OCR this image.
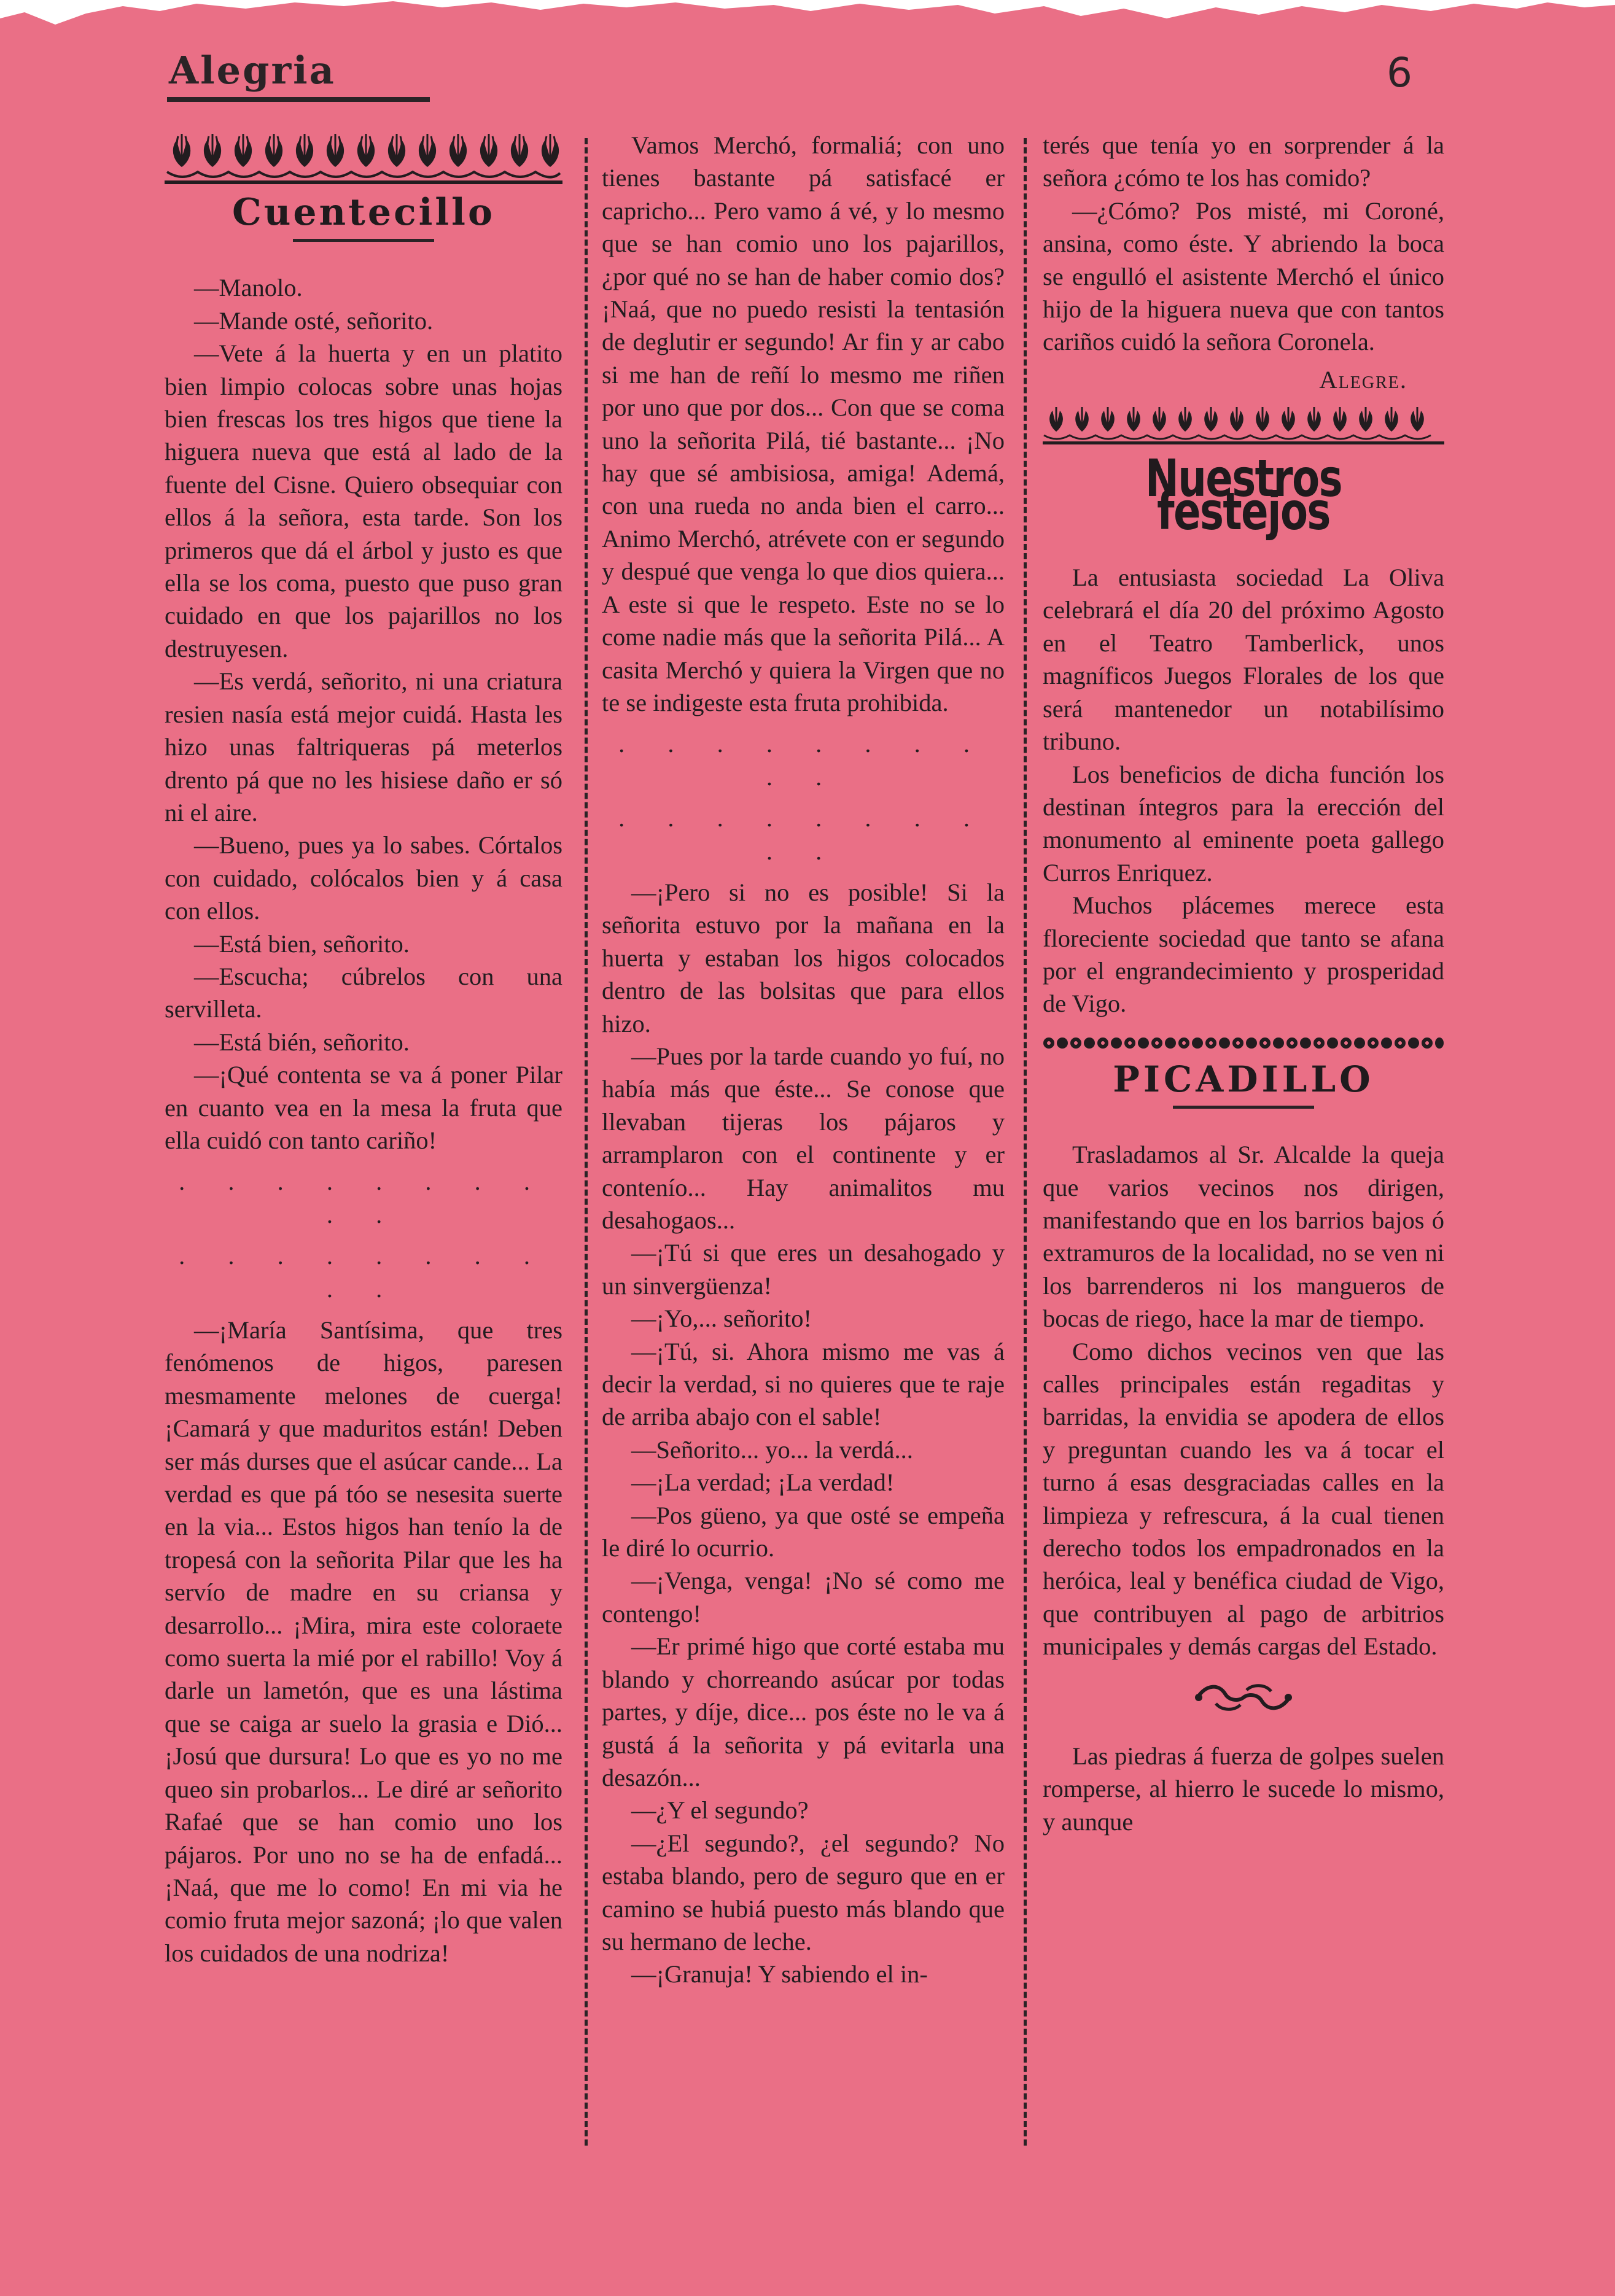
Alegria	6
Cuentecillo

—Manolo.

—Mande osté, señorito.

—Vete á la huerta y en un platito bien limpio colocas sobre unas hojas bien frescas los tres higos que tiene la higuera nueva que está al lado de la fuente del Cisne. Quiero obsequiar con ellos á la señora, esta tarde. Son los primeros que dá el árbol y justo es que ella se los coma, puesto que puso gran cuidado en que los pajarillos no los destruyesen.

—Es verdá, señorito, ni una criatura resien nasía está mejor cuidá. Hasta les hizo unas faltriqueras pá meterlos drento pá que no les hisiese daño er só ni el aire.

—Bueno, pues ya lo sabes. Córtalos con cuidado, colócalos bien y á casa con ellos.

—Está bien, señorito.

—Escucha; cúbrelos con una servilleta.

—Está bién, señorito.

—¡Qué contenta se va á poner Pilar en cuanto vea en la mesa la fruta que ella cuidó con tanto cariño!

. . . . . . . . . .
. . . . . . . . . .

—¡María Santísima, que tres fenómenos de higos, paresen mesmamente melones de cuerga! ¡Camará y que maduritos están! Deben ser más durses que el asúcar cande... La verdad es que pá tóo se nesesita suerte en la via... Estos higos han tenío la de tropesá con la señorita Pilar que les ha servío de madre en su criansa y desarrollo... ¡Mira, mira este coloraete como suerta la mié por el rabillo! Voy á darle un lametón, que es una lástima que se caiga ar suelo la grasia e Dió... ¡Josú que dursura! Lo que es yo no me queo sin probarlos... Le diré ar señorito Rafaé que se han comio uno los pájaros. Por uno no se ha de enfadá... ¡Naá, que me lo como! En mi via he comio fruta mejor sazoná; ¡lo que valen los cuidados de una nodriza!

Vamos Merchó, formaliá; con uno tienes bastante pá satisfacé er capricho... Pero vamo á vé, y lo mesmo que se han comio uno los pajarillos, ¿por qué no se han de haber comio dos? ¡Naá, que no puedo resisti la tentasión de deglutir er segundo! Ar fin y ar cabo si me han de reñí lo mesmo me riñen por uno que por dos... Con que se coma uno la señorita Pilá, tié bastante... ¡No hay que sé ambisiosa, amiga! Ademá, con una rueda no anda bien el carro... Animo Merchó, atrévete con er segundo y despué que venga lo que dios quiera... A este si que le respeto. Este no se lo come nadie más que la señorita Pilá... A casita Merchó y quiera la Virgen que no te se indigeste esta fruta prohibida.

. . . . . . . . . .
. . . . . . . . . .

—¡Pero si no es posible! Si la señorita estuvo por la mañana en la huerta y estaban los higos colocados dentro de las bolsitas que para ellos hizo.

—Pues por la tarde cuando yo fuí, no había más que éste... Se conose que llevaban tijeras los pájaros y arramplaron con el continente y er contenío... Hay animalitos mu desahogaos...

—¡Tú si que eres un desahogado y un sinvergüenza!

—¡Yo,... señorito!

—¡Tú, si. Ahora mismo me vas á decir la verdad, si no quieres que te raje de arriba abajo con el sable!

—Señorito... yo... la verdá...

—¡La verdad; ¡La verdad!

—Pos güeno, ya que osté se empeña le diré lo ocurrio.

—¡Venga, venga! ¡No sé como me contengo!

—Er primé higo que corté estaba mu blando y chorreando asúcar por todas partes, y díje, dice... pos éste no le va á gustá á la señorita y pá evitarla una desazón...

—¿Y el segundo?

—¿El segundo?, ¿el segundo? No estaba blando, pero de seguro que en er camino se hubiá puesto más blando que su hermano de leche.

—¡Granuja! Y sabiendo el in-

terés que tenía yo en sorprender á la señora ¿cómo te los has comido?

—¿Cómo? Pos misté, mi Coroné, ansina, como éste. Y abriendo la boca se engulló el asistente Merchó el único hijo de la higuera nueva que con tantos cariños cuidó la señora Coronela.

Alegre.
Nuestros festejos

La entusiasta sociedad La Oliva celebrará el día 20 del próximo Agosto en el Teatro Tamberlick, unos magníficos Juegos Florales de los que será mantenedor un notabilísimo tribuno.

Los beneficios de dicha función los destinan íntegros para la erección del monumento al eminente poeta gallego Curros Enriquez.

Muchos plácemes merece esta floreciente sociedad que tanto se afana por el engrandecimiento y prosperidad de Vigo.

PICADILLO

Trasladamos al Sr. Alcalde la queja que varios vecinos nos dirigen, manifestando que en los barrios bajos ó extramuros de la localidad, no se ven ni los barrenderos ni los mangueros de bocas de riego, hace la mar de tiempo.

Como dichos vecinos ven que las calles principales están regaditas y barridas, la envidia se apodera de ellos y preguntan cuando les va á tocar el turno á esas desgraciadas calles en la limpieza y refrescura, á la cual tienen derecho todos los empadronados en la heróica, leal y benéfica ciudad de Vigo, que contribuyen al pago de arbitrios municipales y demás cargas del Estado.

Las piedras á fuerza de golpes suelen romperse, al hierro le sucede lo mismo, y aunque
